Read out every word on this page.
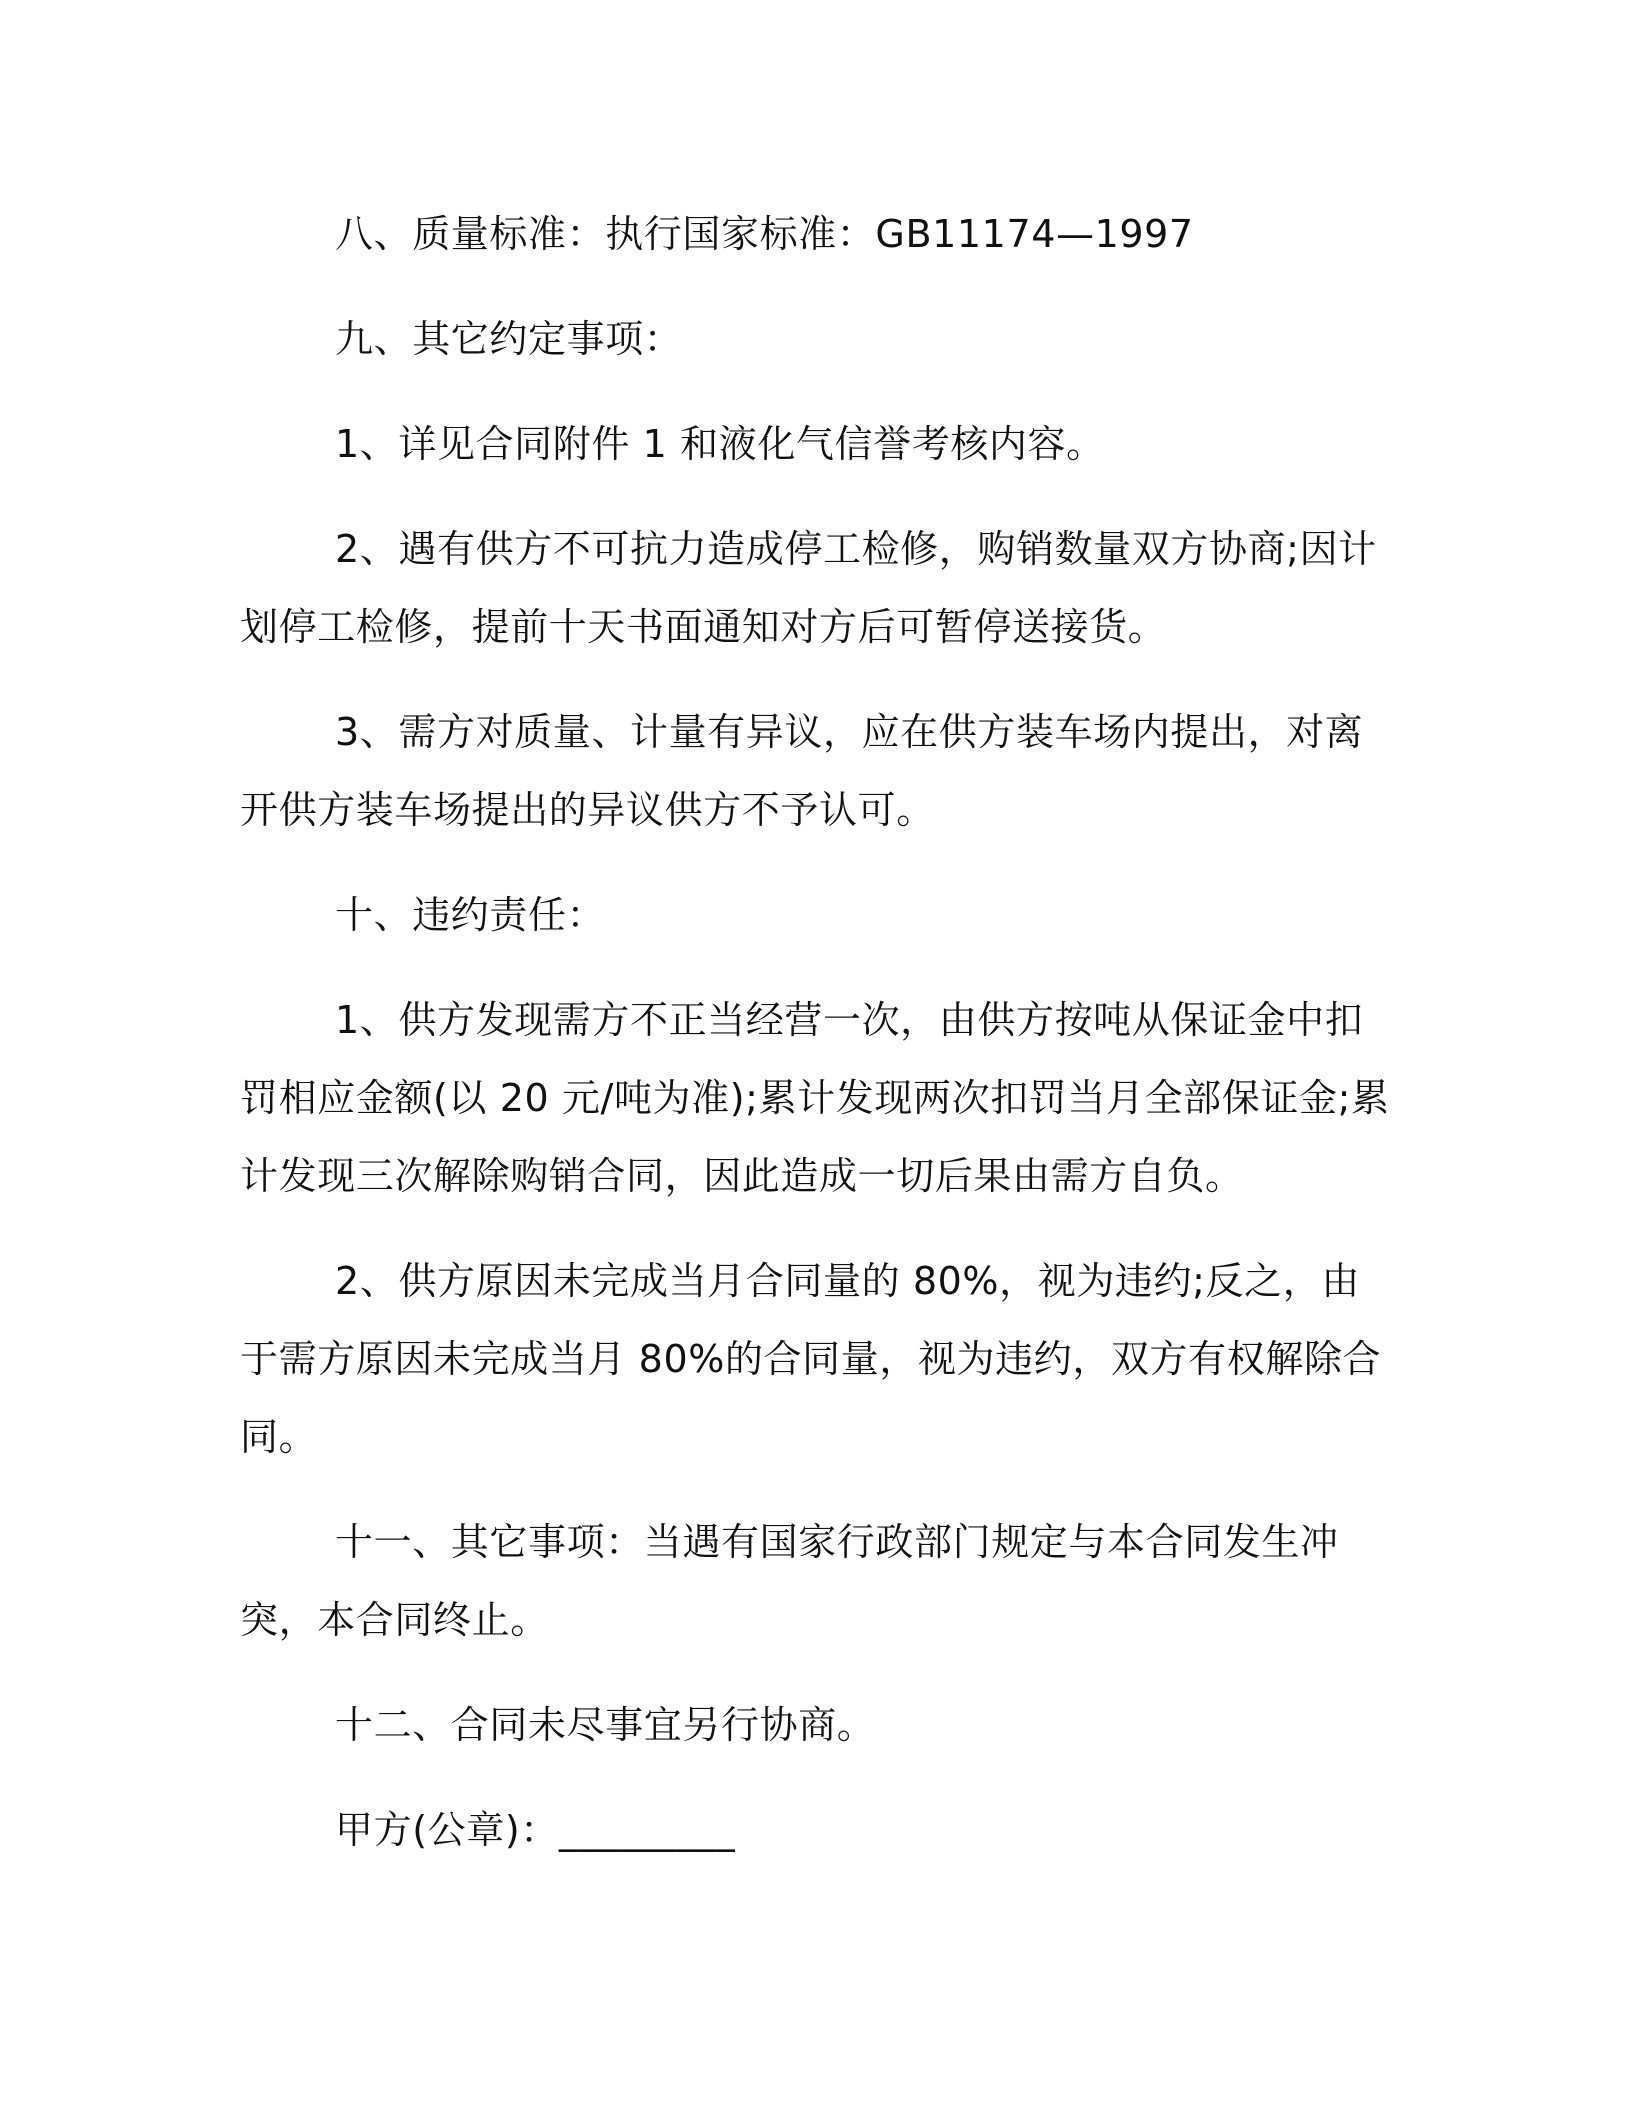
八、质量标准：执行国家标准：GB11174—1997

九、其它约定事项：

1、详见合同附件 1 和液化气信誉考核内容。

2、遇有供方不可抗力造成停工检修，购销数量双方协商;因计划停工检修，提前十天书面通知对方后可暂停送接货。

3、需方对质量、计量有异议，应在供方装车场内提出，对离开供方装车场提出的异议供方不予认可。

十、违约责任：

1、供方发现需方不正当经营一次，由供方按吨从保证金中扣罚相应金额(以 20 元/吨为准);累计发现两次扣罚当月全部保证金;累计发现三次解除购销合同，因此造成一切后果由需方自负。

2、供方原因未完成当月合同量的 80%，视为违约;反之，由于需方原因未完成当月 80%的合同量，视为违约，双方有权解除合同。

十一、其它事项：当遇有国家行政部门规定与本合同发生冲突，本合同终止。

十二、合同未尽事宜另行协商。

甲方(公章)：_________
